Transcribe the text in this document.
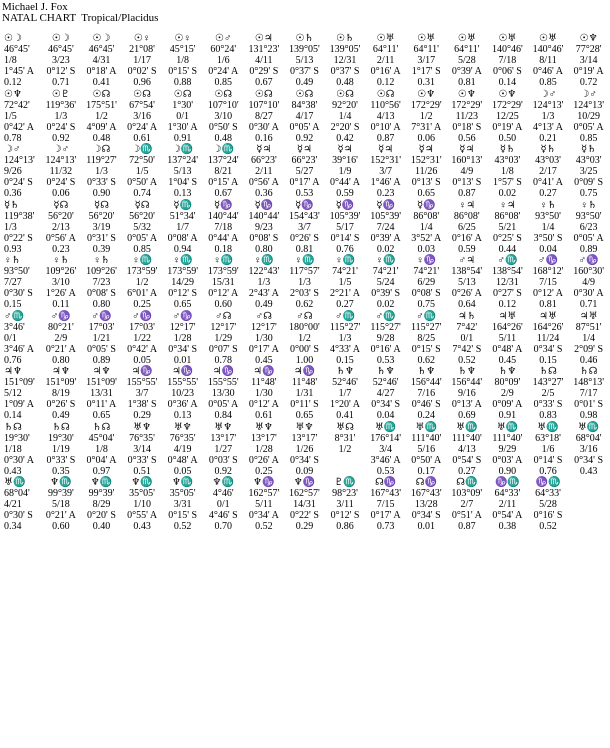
Michael J. Fox
NATAL CHART  Tropical/Placidus
☉☽
46°45'
1/8
1°45' A
0.12
☉☽
46°45'
3/23
0°12' S
0.71
☉☽
46°45'
4/31
0°18' A
0.41
☉♀
21°08'
1/17
0°02' S
0.96
☉♀
45°15'
1/8
0°15' S
0.88
☉♂
60°24'
1/6
0°24' A
0.85
☉♃
131°23'
4/11
0°29' S
0.67
☉♄
139°05'
5/13
0°37' S
0.49
☉♄
139°05'
12/31
0°37' S
0.48
☉♅
64°11'
2/11
0°16' A
0.12
☉♅
64°11'
3/17
1°17' S
0.31
☉♅
64°11'
5/28
0°39' A
0.81
☉♅
140°46'
7/18
0°06' S
0.14
☉♅
140°46'
8/11
0°46' A
0.85
☉♆
77°28'
3/14
0°19' A
0.72
☉♆
72°42'
1/5
0°42' A
0.78
☉♇
119°36'
1/3
0°24' S
0.92
☉☊
175°51'
1/2
4°09' A
0.48
☉☊
67°54'
3/16
0°24' A
0.61
☉☊
1°30'
0/1
1°30' A
0.91
☉☊
107°10'
3/10
0°50' S
0.48
☉☊
107°10'
8/27
0°30' A
0.16
☉☊
84°38'
4/17
0°05' A
0.92
☉☊
92°20'
1/4
2°20' S
0.42
☉☊
110°56'
4/13
0°10' A
0.87
☉♆
172°29'
1/2
7°31' A
0.06
☉♆
172°29'
11/23
0°18' S
0.56
☉♆
172°29'
12/25
0°19' A
0.50
☽♂
124°13'
1/3
4°13' A
0.21
☽♂
124°13'
10/29
0°05' A
0.85
☽♂
124°13'
9/26
0°24' S
0.36
☽♂
124°13'
11/32
0°24' S
0.06
☽☊
119°27'
1/3
0°33' S
0.90
☽♏
72°50'
1/5
0°50' A
0.74
☽♏
137°24'
5/13
1°04' S
0.13
☽♏
137°24'
8/21
0°15' A
0.67
☿♃
66°23'
2/11
0°56' A
0.36
☿♃
66°23'
5/27
0°17' A
0.53
☿♃
39°16'
1/9
0°44' A
0.59
☿♃
152°31'
3/7
1°46' A
0.23
☿♃
152°31'
11/26
0°13' S
0.65
☿♃
160°13'
4/9
0°13' S
0.87
☿♄
43°03'
1/8
1°57' S
0.02
☿♄
43°03'
2/17
0°41' A
0.27
☿♄
43°03'
3/25
0°09' S
0.75
☿♄
119°38'
1/3
0°22' S
0.93
☿☊
56°20'
2/13
0°56' A
0.23
☿☊
56°20'
3/19
0°31' S
0.39
☿☊
56°20'
5/32
0°05' A
0.85
☿♏
51°34'
1/7
0°08' A
0.94
☿♑
140°44'
7/18
0°44' A
0.18
☿♑
140°44'
9/23
0°08' S
0.80
☿♑
154°43'
3/7
0°26' S
0.81
☿♑
105°39'
5/17
0°14' S
0.76
☿♑
105°39'
7/24
0°39' A
0.02
☿♑
86°08'
1/4
3°52' A
0.03
♀♃
86°08'
6/25
0°16' A
0.59
♀♃
86°08'
5/21
0°25' S
0.44
♀♄
93°50'
1/4
3°50' S
0.04
♀♄
93°50'
6/23
0°05' A
0.89
♀♄
93°50'
7/27
0°30' S
0.15
♀♄
109°26'
3/10
1°26' A
0.11
♀♄
109°26'
7/23
0°08' S
0.80
♀♏
173°59'
1/2
6°01' A
0.25
♀♏
173°59'
14/29
0°12' S
0.65
♀♏
173°59'
15/31
0°12' A
0.60
♀♏
122°43'
1/3
2°43' A
0.49
♀♏
117°57'
1/3
2°03' S
0.62
♀♏
74°21'
1/5
2°21' A
0.27
♀♏
74°21'
5/24
0°39' S
0.02
♀♑
74°21'
6/29
0°08' S
0.75
♂♃
138°54'
5/13
0°26' A
0.64
♂♏
138°54'
12/31
0°27' S
0.12
♂♑
168°12'
7/15
0°12' A
0.81
♂♑
160°30'
4/9
0°30' A
0.71
♂♏
3°46'
0/1
3°46' A
0.76
♂♑
80°21'
2/9
0°21' A
0.80
♂♑
17°03'
1/21
0°05' S
0.89
♂♑
17°03'
1/22
0°42' A
0.05
♂♑
12°17'
1/28
0°34' S
0.01
♂☊
12°17'
1/29
0°07' S
0.78
♂☊
12°17'
1/30
0°17' A
0.45
♂☊
180°00'
1/2
0°00' S
1.00
♂♏
115°27'
1/3
4°33' A
0.15
♂♏
115°27'
9/28
0°16' A
0.53
♂♏
115°27'
8/25
0°15' S
0.62
♃♄
7°42'
0/1
7°42' S
0.52
♃♅
164°26'
5/11
0°48' A
0.45
♃♅
164°26'
11/24
0°34' S
0.15
♃♅
87°51'
1/4
2°09' S
0.46
♃♆
151°09'
5/12
1°09' A
0.14
♃♆
151°09'
8/19
0°26' S
0.49
♃♆
151°09'
13/31
0°11' A
0.65
♃♑
155°55'
3/7
1°38' S
0.29
♃♑
155°55'
10/23
0°36' A
0.13
♃♑
155°55'
13/30
0°05' A
0.84
♃♑
11°48'
1/30
0°12' A
0.61
♃♑
11°48'
1/31
0°11' S
0.65
♄♆
52°46'
1/7
1°20' A
0.41
♄♆
52°46'
4/27
0°34' S
0.04
♄♆
156°44'
7/16
0°46' S
0.24
♄♆
156°44'
9/16
0°13' A
0.69
♄♆
80°09'
2/9
0°09' A
0.91
♄☊
143°27'
2/5
0°33' S
0.83
♄☊
148°13'
7/17
0°01' S
0.98
♄☊
19°30'
1/18
0°30' A
0.43
♄☊
19°30'
1/19
0°33' S
0.35
♄☊
45°04'
1/8
0°04' A
0.97
♅♆
76°35'
3/14
0°33' S
0.51
♅♆
76°35'
4/19
0°48' A
0.05
♅♆
13°17'
1/27
0°03' S
0.92
♅♆
13°17'
1/28
0°26' A
0.25
♅♆
13°17'
1/26
0°34' S
0.09
♅☊
8°31'
1/2
♅♏
176°14'
3/4
3°46' A
0.53
♅♏
111°40'
5/16
0°50' A
0.17
♅♏
111°40'
4/13
0°54' S
0.27
♅♏
111°40'
9/29
0°03' A
0.90
♅♏
63°18'
1/6
0°14' S
0.76
♅♏
68°04'
3/16
0°34' S
0.43
♅♏
68°04'
4/21
0°30' S
0.34
♆♏
99°39'
5/18
0°21' A
0.60
♆♏
99°39'
8/29
0°20' S
0.40
♆♏
35°05'
1/10
0°55' A
0.43
♆♏
35°05'
3/31
0°15' S
0.52
♆♏
4°46'
0/1
4°46' S
0.70
♆♑
162°57'
5/11
0°34' A
0.52
♆♑
162°57'
14/31
0°22' S
0.29
♇♏
98°23'
3/11
0°12' S
0.86
☊♑
167°43'
7/15
0°17' A
0.73
☊♑
167°43'
13/28
0°34' S
0.01
☊♏
103°09'
2/7
0°51' A
0.87
♑♏
64°33'
2/11
0°54' A
0.38
♑♏
64°33'
5/28
0°16' S
0.52
